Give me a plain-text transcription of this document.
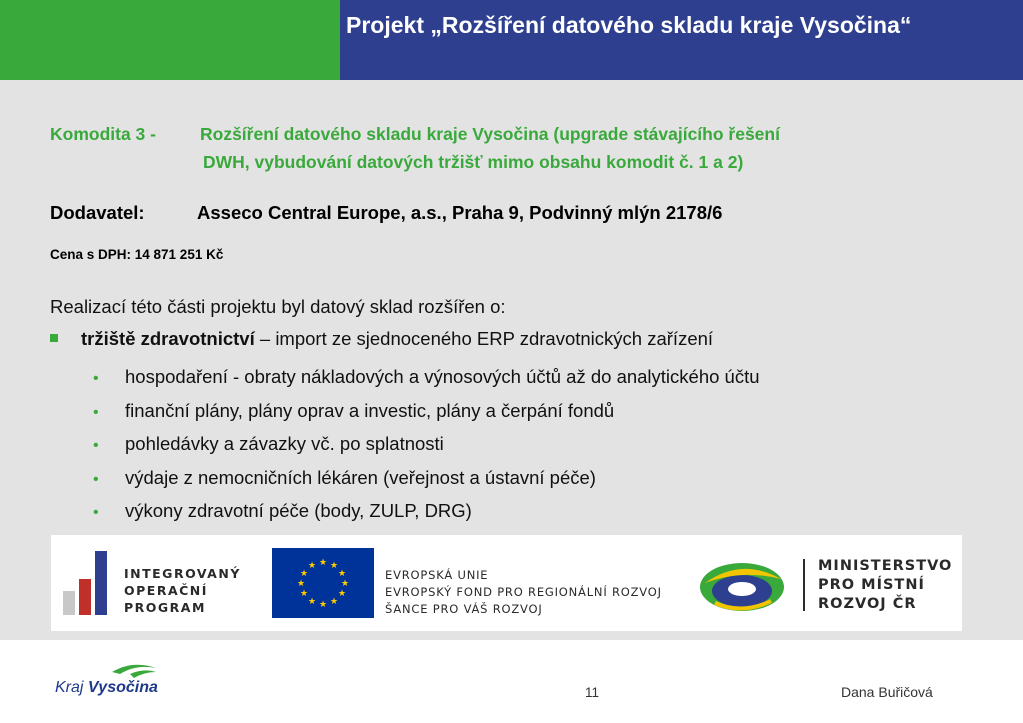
Projekt „Rozšíření datového skladu kraje Vysočina“
Komodita 3 -	Rozšíření datového skladu kraje Vysočina (upgrade stávajícího řešení
DWH, vybudování datových tržišť mimo obsahu komodit č. 1 a 2)
Dodavatel:	Asseco Central Europe, a.s., Praha 9, Podvinný mlýn 2178/6
Cena s DPH: 14 871 251 Kč
Realizací této části projektu byl datový sklad rozšířen o:
tržiště zdravotnictví – import ze sjednoceného ERP zdravotnických zařízení
• hospodaření - obraty nákladových a výnosových účtů až do analytického účtu
• finanční plány, plány oprav a investic, plány a čerpání fondů
• pohledávky a závazky vč. po splatnosti
• výdaje z nemocničních lékáren (veřejnost a ústavní péče)
• výkony zdravotní péče (body, ZULP, DRG)
INTEGROVANÝ
OPERAČNÍ
PROGRAM
★ ★
★
★
★
★
★
★
★
★
★
★
EVROPSKÁ UNIE
EVROPSKÝ FOND PRO REGIONÁLNÍ ROZVOJ
ŠANCE PRO VÁŠ ROZVOJ
MINISTERSTVO
PRO MÍSTNÍ
ROZVOJ ČR
Kraj Vysočina	11	Dana Buřičová
